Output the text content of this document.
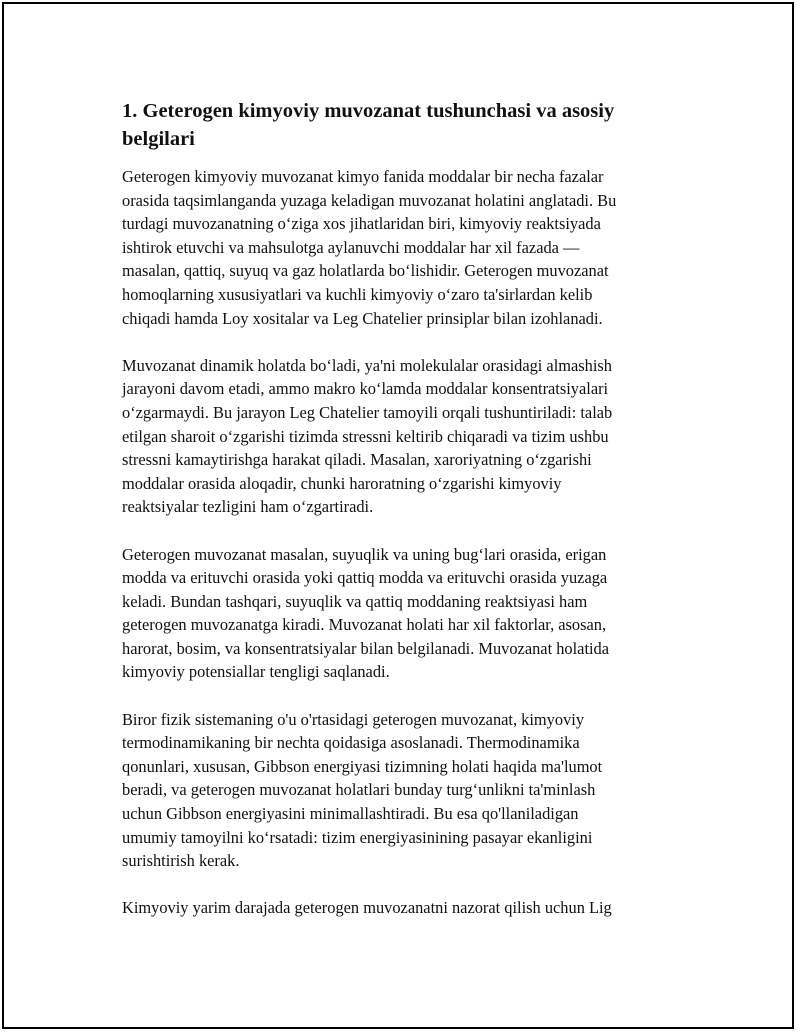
1. Geterogen kimyoviy muvozanat tushunchasi va asosiy
belgilari

Geterogen kimyoviy muvozanat kimyo fanida moddalar bir necha fazalar
orasida taqsimlanganda yuzaga keladigan muvozanat holatini anglatadi. Bu
turdagi muvozanatning o‘ziga xos jihatlaridan biri, kimyoviy reaktsiyada
ishtirok etuvchi va mahsulotga aylanuvchi moddalar har xil fazada —
masalan, qattiq, suyuq va gaz holatlarda bo‘lishidir. Geterogen muvozanat
homoqlarning xususiyatlari va kuchli kimyoviy o‘zaro ta'sirlardan kelib
chiqadi hamda Loy xositalar va Leg Chatelier prinsiplar bilan izohlanadi.

Muvozanat dinamik holatda bo‘ladi, ya'ni molekulalar orasidagi almashish
jarayoni davom etadi, ammo makro ko‘lamda moddalar konsentratsiyalari
o‘zgarmaydi. Bu jarayon Leg Chatelier tamoyili orqali tushuntiriladi: talab
etilgan sharoit o‘zgarishi tizimda stressni keltirib chiqaradi va tizim ushbu
stressni kamaytirishga harakat qiladi. Masalan, xaroriyatning o‘zgarishi
moddalar orasida aloqadir, chunki haroratning o‘zgarishi kimyoviy
reaktsiyalar tezligini ham o‘zgartiradi.

Geterogen muvozanat masalan, suyuqlik va uning bug‘lari orasida, erigan
modda va erituvchi orasida yoki qattiq modda va erituvchi orasida yuzaga
keladi. Bundan tashqari, suyuqlik va qattiq moddaning reaktsiyasi ham
geterogen muvozanatga kiradi. Muvozanat holati har xil faktorlar, asosan,
harorat, bosim, va konsentratsiyalar bilan belgilanadi. Muvozanat holatida
kimyoviy potensiallar tengligi saqlanadi.

Biror fizik sistemaning o'u o'rtasidagi geterogen muvozanat, kimyoviy
termodinamikaning bir nechta qoidasiga asoslanadi. Thermodinamika
qonunlari, xususan, Gibbson energiyasi tizimning holati haqida ma'lumot
beradi, va geterogen muvozanat holatlari bunday turg‘unlikni ta'minlash
uchun Gibbson energiyasini minimallashtiradi. Bu esa qo'llaniladigan
umumiy tamoyilni ko‘rsatadi: tizim energiyasinining pasayar ekanligini
surishtirish kerak.

Kimyoviy yarim darajada geterogen muvozanatni nazorat qilish uchun Lig
